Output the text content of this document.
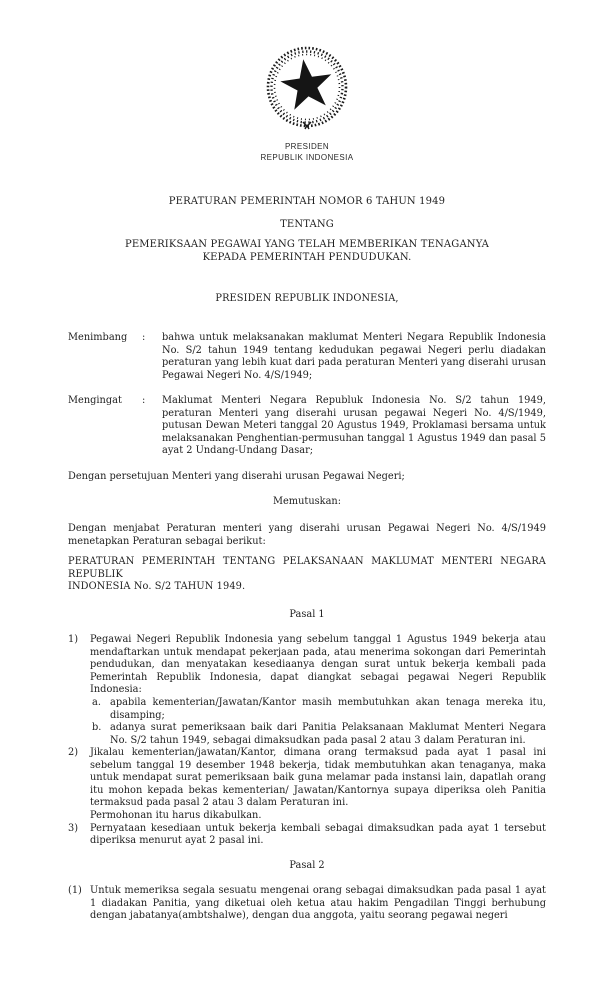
PRESIDEN
REPUBLIK INDONESIA
PERATURAN PEMERINTAH NOMOR 6 TAHUN 1949
TENTANG
PEMERIKSAAN PEGAWAI YANG TELAH MEMBERIKAN TENAGANYA
KEPADA PEMERINTAH PENDUDUKAN.
PRESIDEN REPUBLIK INDONESIA,
Menimbang	:	bahwa untuk melaksanakan maklumat Menteri Negara Republik Indonesia No. S/2 tahun 1949 tentang kedudukan pegawai Negeri perlu diadakan peraturan yang lebih kuat dari pada peraturan Menteri yang diserahi urusan Pegawai Negeri No. 4/S/1949;
Mengingat	:	Maklumat Menteri Negara Republuk Indonesia No. S/2 tahun 1949, peraturan Menteri yang diserahi urusan pegawai Negeri No. 4/S/1949, putusan Dewan Meteri tanggal 20 Agustus 1949, Proklamasi bersama untuk melaksanakan Penghentian-permusuhan tanggal 1 Agustus 1949 dan pasal 5 ayat 2 Undang-Undang Dasar;
Dengan persetujuan Menteri yang diserahi urusan Pegawai Negeri;
Memutuskan:
Dengan menjabat Peraturan menteri yang diserahi urusan Pegawai Negeri No. 4/S/1949 menetapkan Peraturan sebagai berikut:
PERATURAN PEMERINTAH TENTANG PELAKSANAAN MAKLUMAT MENTERI NEGARA
REPUBLIK
INDONESIA No. S/2 TAHUN 1949.
Pasal 1
1)	Pegawai Negeri Republik Indonesia yang sebelum tanggal 1 Agustus 1949 bekerja atau mendaftarkan untuk mendapat pekerjaan pada, atau menerima sokongan dari Pemerintah pendudukan, dan menyatakan kesediaanya dengan surat untuk bekerja kembali pada Pemerintah Republik Indonesia, dapat diangkat sebagai pegawai Negeri Republik Indonesia:
a. apabila kementerian/Jawatan/Kantor masih membutuhkan akan tenaga mereka itu, disamping;
b. adanya surat pemeriksaan baik dari Panitia Pelaksanaan Maklumat Menteri Negara No. S/2 tahun 1949, sebagai dimaksudkan pada pasal 2 atau 3 dalam Peraturan ini.
2)	Jikalau kementerian/jawatan/Kantor, dimana orang termaksud pada ayat 1 pasal ini sebelum tanggal 19 desember 1948 bekerja, tidak membutuhkan akan tenaganya, maka untuk mendapat surat pemeriksaan baik guna melamar pada instansi lain, dapatlah orang itu mohon kepada bekas kementerian/ Jawatan/Kantornya supaya diperiksa oleh Panitia termaksud pada pasal 2 atau 3 dalam Peraturan ini.
Permohonan itu harus dikabulkan.
3)	Pernyataan kesediaan untuk bekerja kembali sebagai dimaksudkan pada ayat 1 tersebut diperiksa menurut ayat 2 pasal ini.
Pasal 2
(1) Untuk memeriksa segala sesuatu mengenai orang sebagai dimaksudkan pada pasal 1 ayat 1 diadakan Panitia, yang diketuai oleh ketua atau hakim Pengadilan Tinggi berhubung dengan jabatanya(ambtshalwe), dengan dua anggota, yaitu seorang pegawai negeri
